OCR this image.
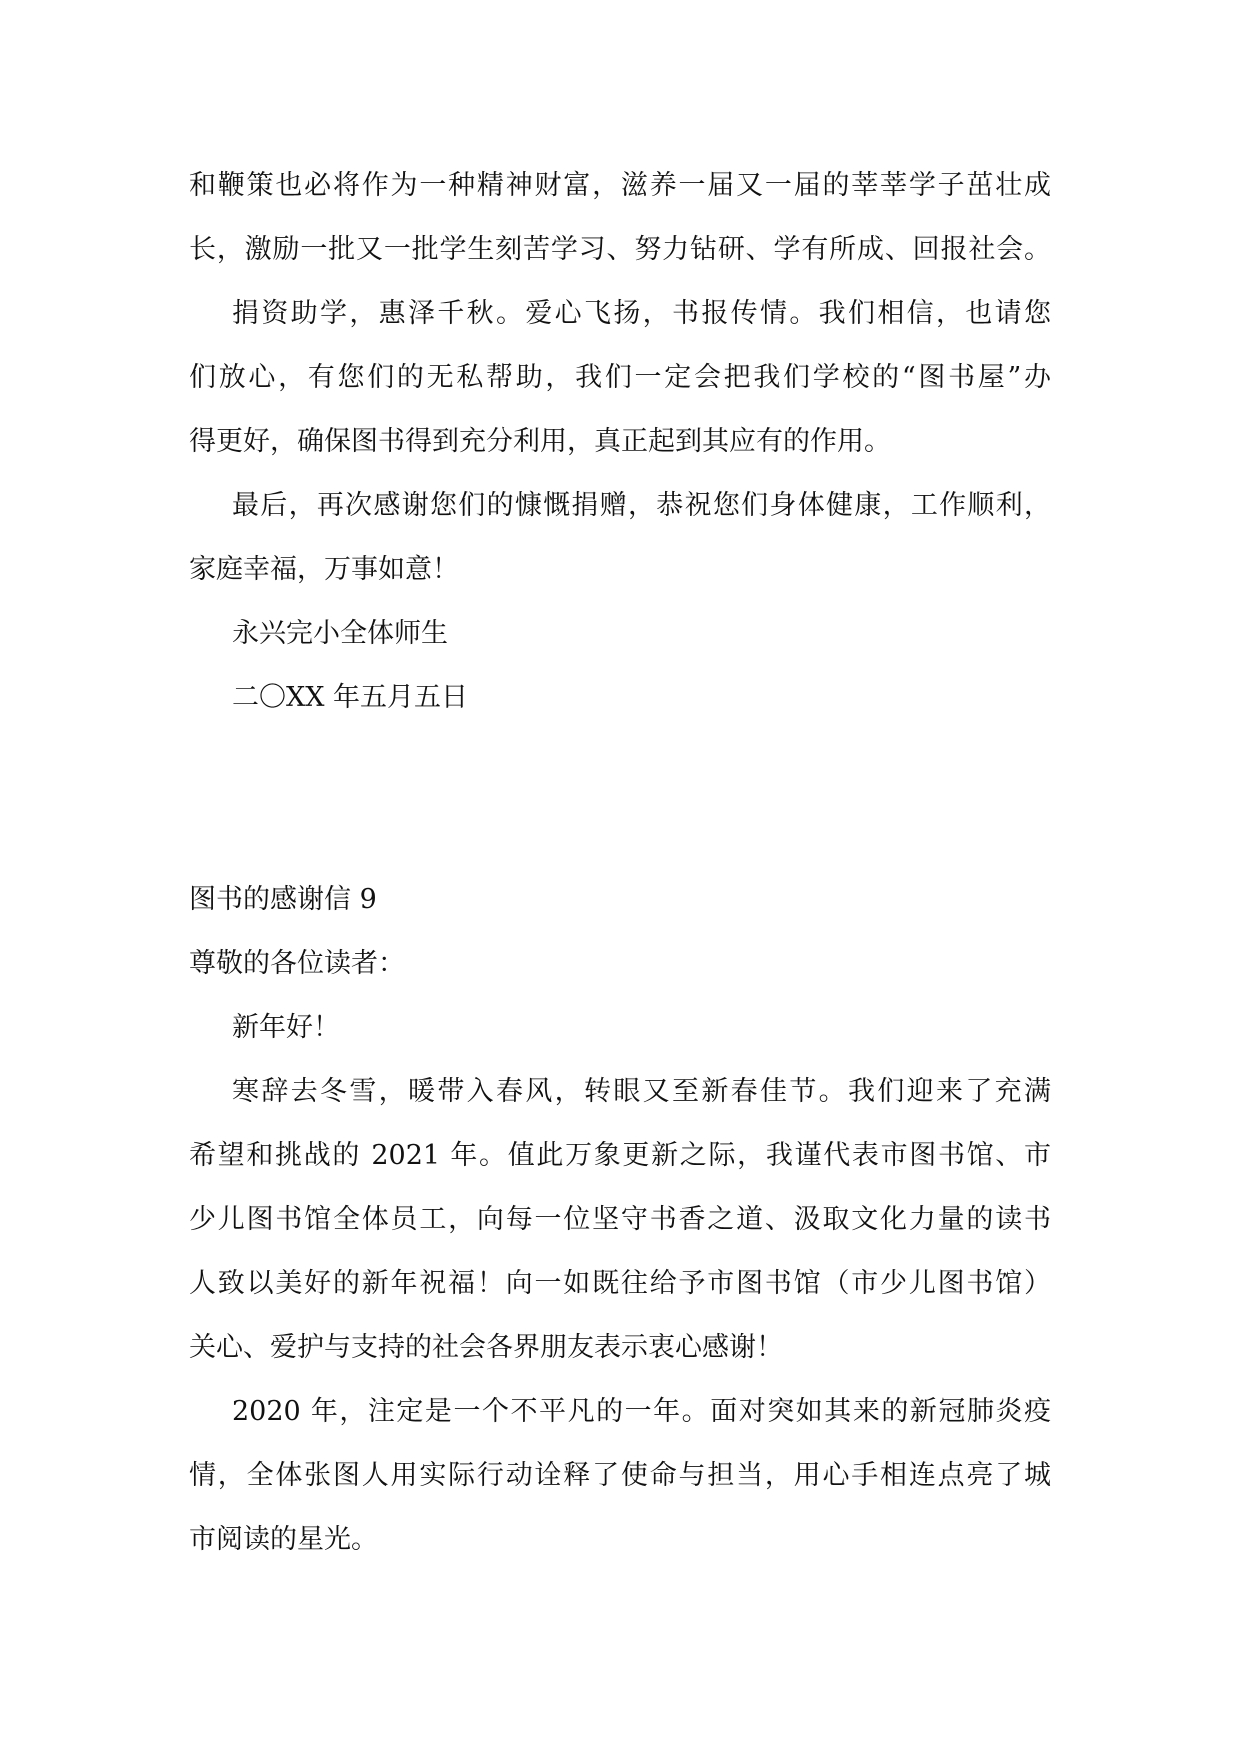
和鞭策也必将作为一种精神财富，滋养一届又一届的莘莘学子茁壮成
长，激励一批又一批学生刻苦学习、努力钻研、学有所成、回报社会。
捐资助学，惠泽千秋。爱心飞扬，书报传情。我们相信，也请您
们放心，有您们的无私帮助，我们一定会把我们学校的“图书屋”办
得更好，确保图书得到充分利用，真正起到其应有的作用。
最后，再次感谢您们的慷慨捐赠，恭祝您们身体健康，工作顺利，
家庭幸福，万事如意！
永兴完小全体师生
二〇XX 年五月五日
图书的感谢信 9
尊敬的各位读者：
新年好！
寒辞去冬雪，暖带入春风，转眼又至新春佳节。我们迎来了充满
希望和挑战的 2021 年。值此万象更新之际，我谨代表市图书馆、市
少儿图书馆全体员工，向每一位坚守书香之道、汲取文化力量的读书
人致以美好的新年祝福！向一如既往给予市图书馆（市少儿图书馆）
关心、爱护与支持的社会各界朋友表示衷心感谢！
2020 年，注定是一个不平凡的一年。面对突如其来的新冠肺炎疫
情，全体张图人用实际行动诠释了使命与担当，用心手相连点亮了城
市阅读的星光。
